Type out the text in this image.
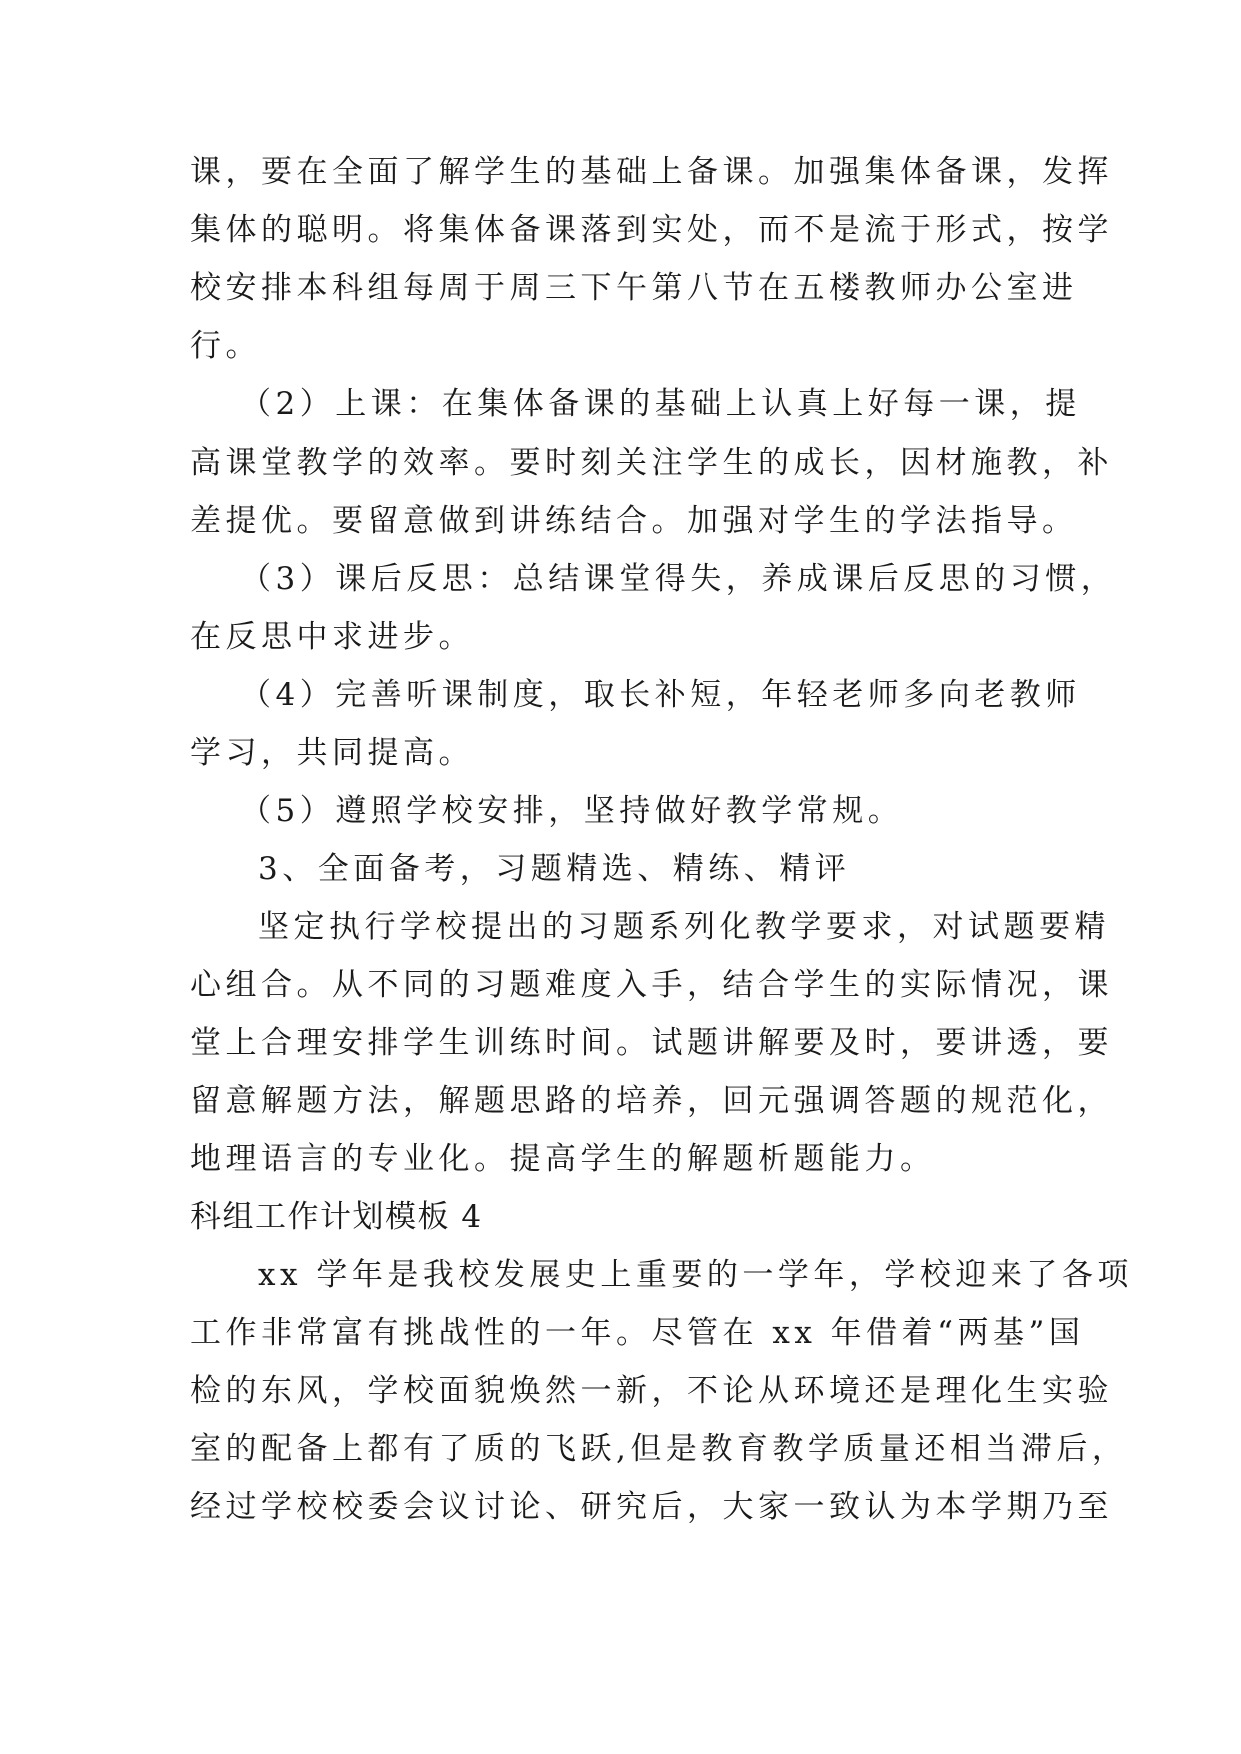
课，要在全面了解学生的基础上备课。加强集体备课，发挥
集体的聪明。将集体备课落到实处，而不是流于形式，按学
校安排本科组每周于周三下午第八节在五楼教师办公室进
行。
（2）上课：在集体备课的基础上认真上好每一课，提
高课堂教学的效率。要时刻关注学生的成长，因材施教，补
差提优。要留意做到讲练结合。加强对学生的学法指导。
（3）课后反思：总结课堂得失，养成课后反思的习惯，
在反思中求进步。
（4）完善听课制度，取长补短，年轻老师多向老教师
学习，共同提高。
（5）遵照学校安排，坚持做好教学常规。
3、全面备考，习题精选、精练、精评
坚定执行学校提出的习题系列化教学要求，对试题要精
心组合。从不同的习题难度入手，结合学生的实际情况，课
堂上合理安排学生训练时间。试题讲解要及时，要讲透，要
留意解题方法，解题思路的培养，回元强调答题的规范化，
地理语言的专业化。提高学生的解题析题能力。
科组工作计划模板 4
xx 学年是我校发展史上重要的一学年，学校迎来了各项
工作非常富有挑战性的一年。尽管在 xx 年借着“两基”国
检的东风，学校面貌焕然一新，不论从环境还是理化生实验
室的配备上都有了质的飞跃,但是教育教学质量还相当滞后，
经过学校校委会议讨论、研究后，大家一致认为本学期乃至
